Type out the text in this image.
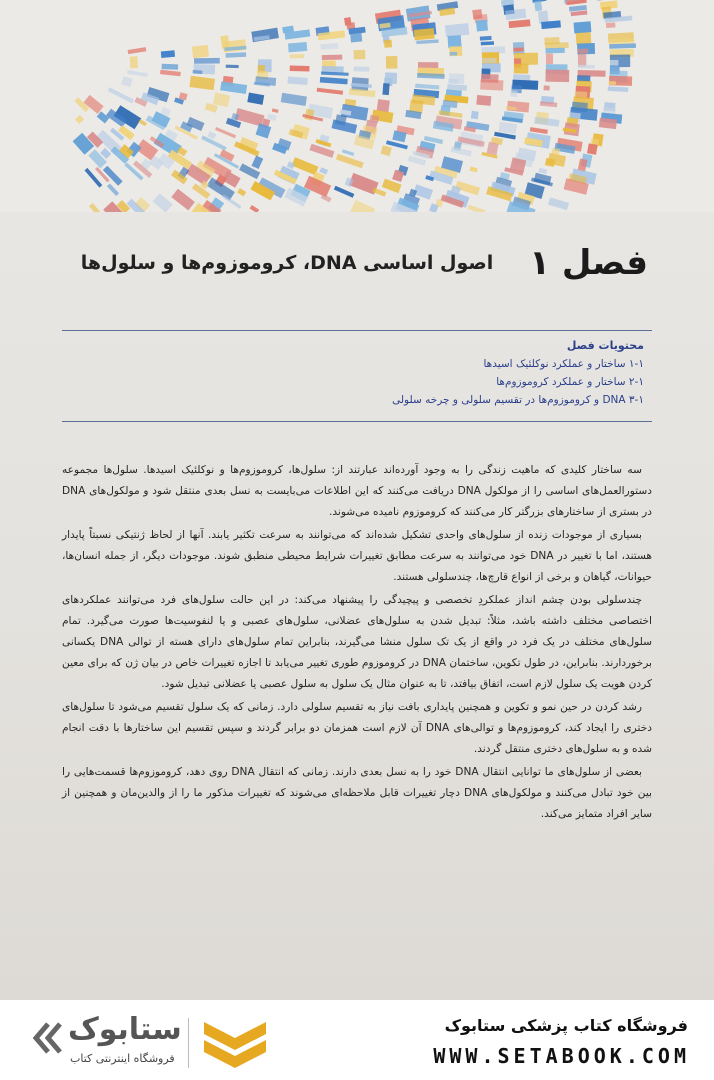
فصل ۱
اصول اساسی DNA، کروموزوم‌ها و سلول‌ها
محتویات فصل
۱-۱ ساختار و عملکرد نوکلئیک اسیدها
۲-۱ ساختار و عملکرد کروموزوم‌ها
۳-۱ DNA و کروموزوم‌ها در تقسیم سلولی و چرخه سلولی

سه ساختار کلیدی که ماهیت زندگی را به وجود آورده‌اند عبارتند از: سلول‌ها، کروموزوم‌ها و نوکلئیک اسیدها. سلول‌ها مجموعه دستورالعمل‌های اساسی را از مولکول DNA دریافت می‌کنند که این اطلاعات می‌بایست به نسل بعدی منتقل شود و مولکول‌های DNA در بستری از ساختارهای بزرگتر کار می‌کنند که کروموزوم نامیده می‌شوند.

بسیاری از موجودات زنده از سلول‌های واحدی تشکیل شده‌اند که می‌توانند به سرعت تکثیر یابند. آنها از لحاظ ژنتیکی نسبتاً پایدار هستند، اما با تغییر در DNA خود می‌توانند به سرعت مطابق تغییرات شرایط محیطی منطبق شوند. موجودات دیگر، از جمله انسان‌ها، حیوانات، گیاهان و برخی از انواع قارچ‌ها، چندسلولی هستند.

چندسلولی بودن چشم انداز عملکردِ تخصصی و پیچیدگی را پیشنهاد می‌کند: در این حالت سلول‌های فرد می‌توانند عملکردهای اختصاصی مختلف داشته باشد، مثلاً: تبدیل شدن به سلول‌های عضلانی، سلول‌های عصبی و یا لنفوسیت‌ها صورت می‌گیرد. تمام سلول‌های مختلف در یک فرد در واقع از یک تک سلول منشا می‌گیرند، بنابراین تمام سلول‌های دارای هسته از توالی DNA یکسانی برخوردارند. بنابراین، در طول تکوین، ساختمان DNA در کروموزوم طوری تغییر می‌یابد تا اجازه تغییرات خاص در بیان ژن که برای معین کردن هویت یک سلول لازم است، اتفاق بیافتد، تا به عنوان مثال یک سلول به سلول عصبی یا عضلانی تبدیل شود.

رشد کردن در حین نمو و تکوین و همچنین پایداری بافت نیاز به تقسیم سلولی دارد. زمانی که یک سلول تقسیم می‌شود تا سلول‌های دختری را ایجاد کند، کروموزوم‌ها و توالی‌های DNA آن لازم است همزمان دو برابر گردند و سپس تقسیم این ساختارها با دقت انجام شده و به سلول‌های دختری منتقل گردند.

بعضی از سلول‌های ما توانایی انتقال DNA خود را به نسل بعدی دارند. زمانی که انتقال DNA روی دهد، کروموزوم‌ها قسمت‌هایی را بین خود تبادل می‌کنند و مولکول‌های DNA دچار تغییرات قابل ملاحظه‌ای می‌شوند که تغییرات مذکور ما را از والدین‌مان و همچنین از سایر افراد متمایز می‌کند.

ستابوک
فروشگاه اینترنتی کتاب
فروشگاه کتاب پزشکی ستابوک
WWW.SETABOOK.COM
